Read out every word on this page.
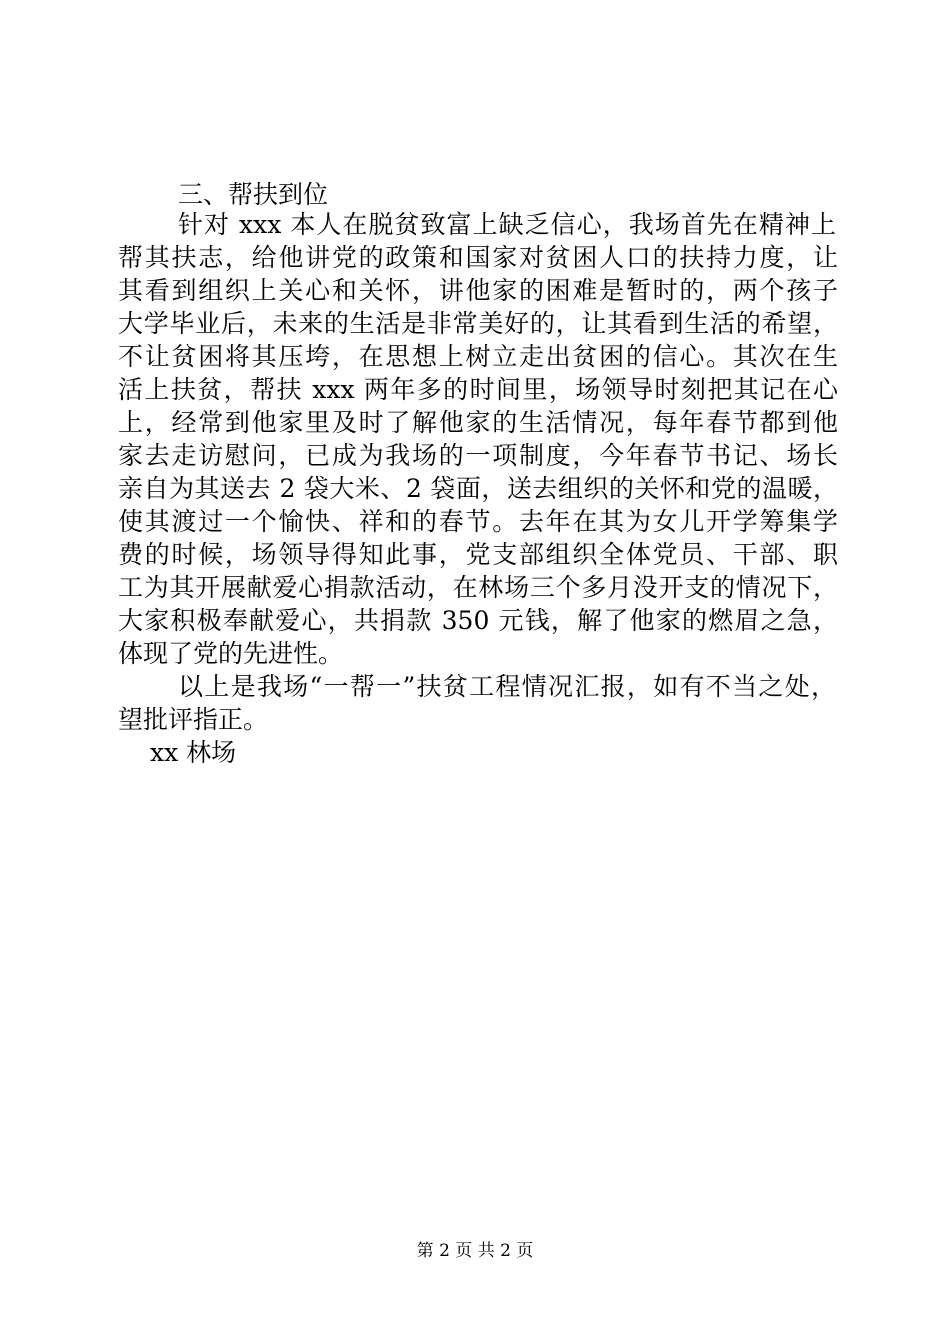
三、帮扶到位
针对 xxx 本人在脱贫致富上缺乏信心，我场首先在精神上
帮其扶志，给他讲党的政策和国家对贫困人口的扶持力度，让
其看到组织上关心和关怀，讲他家的困难是暂时的，两个孩子
大学毕业后，未来的生活是非常美好的，让其看到生活的希望，
不让贫困将其压垮，在思想上树立走出贫困的信心。其次在生
活上扶贫，帮扶 xxx 两年多的时间里，场领导时刻把其记在心
上，经常到他家里及时了解他家的生活情况，每年春节都到他
家去走访慰问，已成为我场的一项制度，今年春节书记、场长
亲自为其送去 2 袋大米、2 袋面，送去组织的关怀和党的温暖，
使其渡过一个愉快、祥和的春节。去年在其为女儿开学筹集学
费的时候，场领导得知此事，党支部组织全体党员、干部、职
工为其开展献爱心捐款活动，在林场三个多月没开支的情况下，
大家积极奉献爱心，共捐款 350 元钱，解了他家的燃眉之急，
体现了党的先进性。
以上是我场“一帮一”扶贫工程情况汇报，如有不当之处，
望批评指正。
xx 林场
第 2 页 共 2 页
